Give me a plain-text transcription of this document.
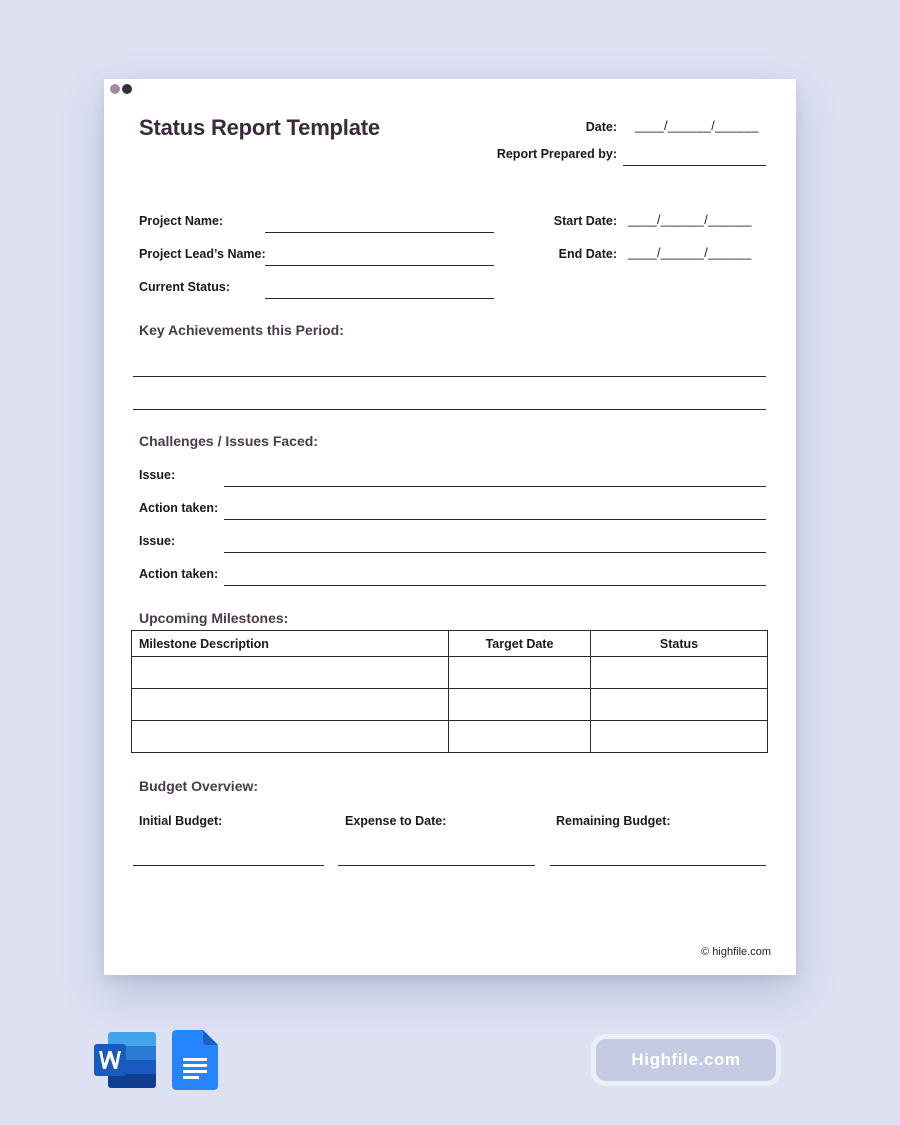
Status Report Template	Date: ____/______/______
Report Prepared by:
Project Name:
Project Lead’s Name:
Current Status:
Start Date: ____/______/______
End Date: ____/______/______
Key Achievements this Period:
Challenges / Issues Faced:
Issue:
Action taken:
Issue:
Action taken:
Upcoming Milestones:
Milestone Description	Target Date	Status

Budget Overview:
Initial Budget:	Expense to Date:	Remaining Budget:
© highfile.com
Highfile.com
